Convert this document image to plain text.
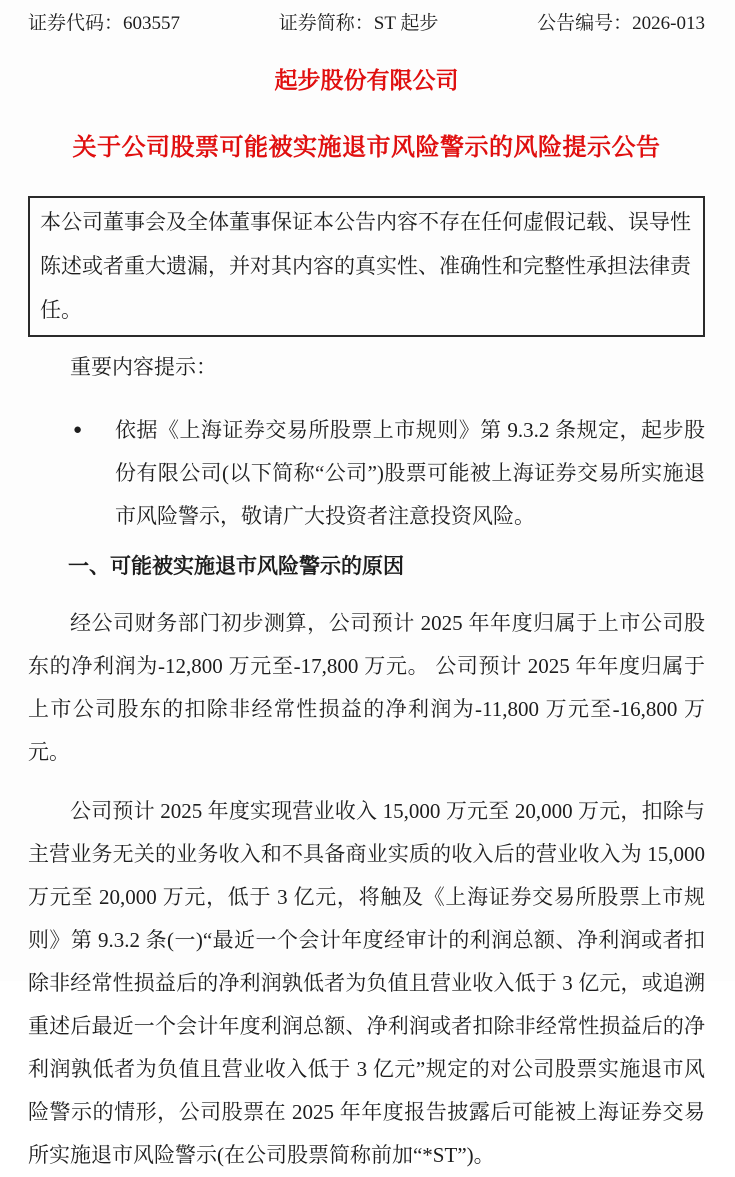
证券代码：603557	证券简称：ST 起步	公告编号：2026-013
起步股份有限公司
关于公司股票可能被实施退市风险警示的风险提示公告
本公司董事会及全体董事保证本公告内容不存在任何虚假记载、误导性陈述或者重大遗漏，并对其内容的真实性、准确性和完整性承担法律责任。
重要内容提示：
●	依据《上海证券交易所股票上市规则》第 9.3.2 条规定，起步股份有限公司(以下简称“公司”)股票可能被上海证券交易所实施退市风险警示，敬请广大投资者注意投资风险。
一、可能被实施退市风险警示的原因
经公司财务部门初步测算，公司预计 2025 年年度归属于上市公司股东的净利润为-12,800 万元至-17,800 万元。 公司预计 2025 年年度归属于上市公司股东的扣除非经常性损益的净利润为-11,800 万元至-16,800 万元。
公司预计 2025 年度实现营业收入 15,000 万元至 20,000 万元，扣除与主营业务无关的业务收入和不具备商业实质的收入后的营业收入为 15,000 万元至 20,000 万元，低于 3 亿元，将触及《上海证券交易所股票上市规则》第 9.3.2 条(一)“最近一个会计年度经审计的利润总额、净利润或者扣除非经常性损益后的净利润孰低者为负值且营业收入低于 3 亿元，或追溯重述后最近一个会计年度利润总额、净利润或者扣除非经常性损益后的净利润孰低者为负值且营业收入低于 3 亿元”规定的对公司股票实施退市风险警示的情形，公司股票在 2025 年年度报告披露后可能被上海证券交易所实施退市风险警示(在公司股票简称前加“*ST”)。
